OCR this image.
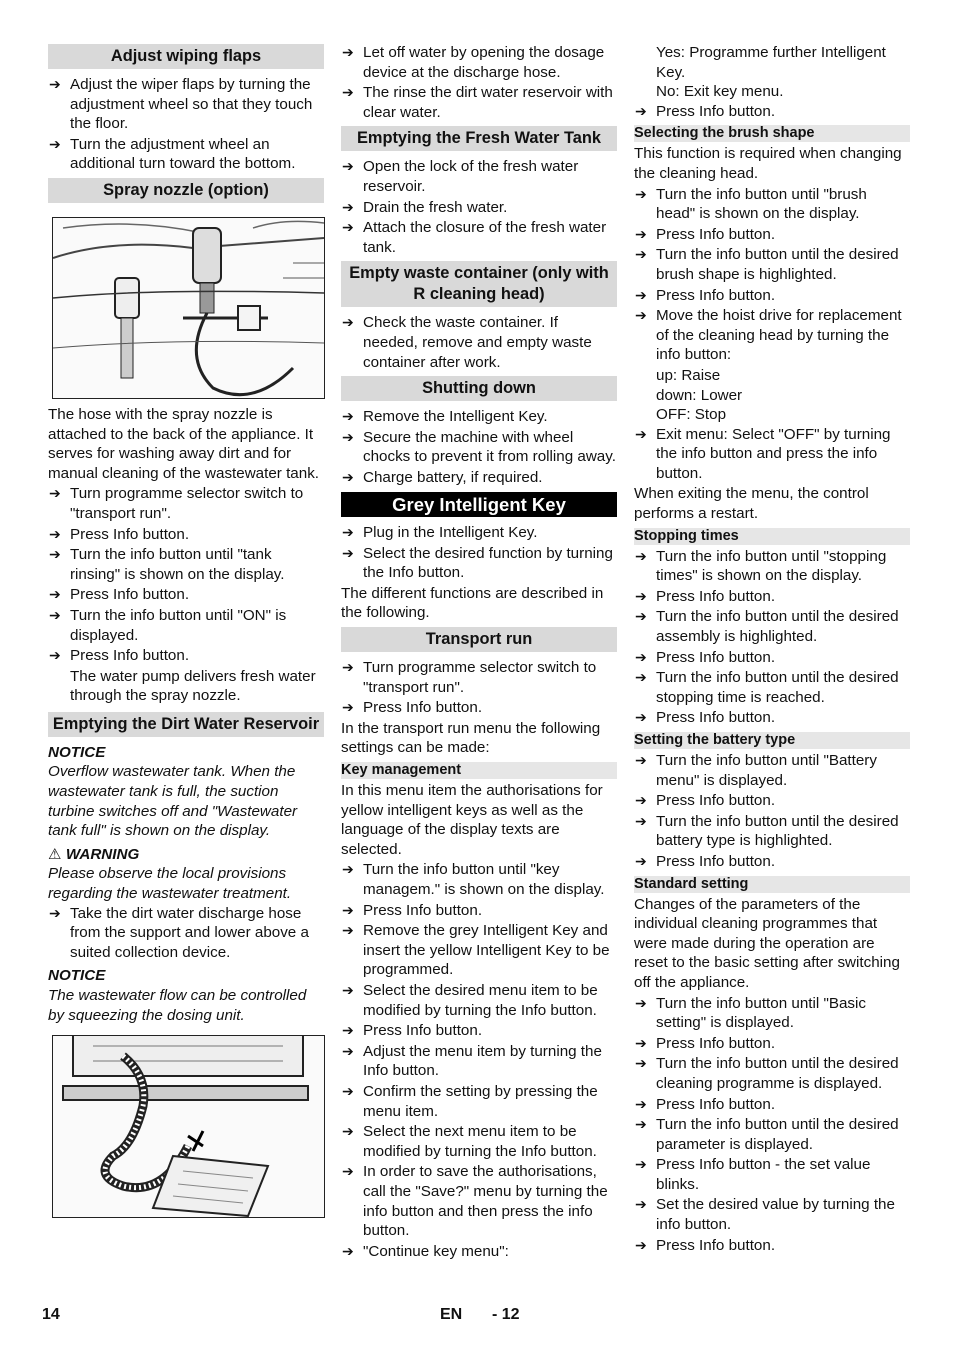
Adjust wiping flaps
➔ Adjust the wiper flaps by turning the adjustment wheel so that they touch the floor.
➔ Turn the adjustment wheel an additional turn toward the bottom.
Spray nozzle (option)
The hose with the spray nozzle is attached to the back of the appliance. It serves for washing away dirt and for manual cleaning of the wastewater tank.
➔ Turn programme selector switch to "transport run".
➔ Press Info button.
➔ Turn the info button until "tank rinsing" is shown on the display.
➔ Press Info button.
➔ Turn the info button until "ON" is displayed.
➔ Press Info button.
The water pump delivers fresh water through the spray nozzle.
Emptying the Dirt Water Reservoir
NOTICE
Overflow wastewater tank. When the wastewater tank is full, the suction turbine switches off and "Wastewater tank full" is shown on the display.
⚠ WARNING
Please observe the local provisions regarding the wastewater treatment.
➔ Take the dirt water discharge hose from the support and lower above a suited collection device.
NOTICE
The wastewater flow can be controlled by squeezing the dosing unit.
➔ Let off water by opening the dosage device at the discharge hose.
➔ The rinse the dirt water reservoir with clear water.
Emptying the Fresh Water Tank
➔ Open the lock of the fresh water reservoir.
➔ Drain the fresh water.
➔ Attach the closure of the fresh water tank.
Empty waste container (only with R cleaning head)
➔ Check the waste container. If needed, remove and empty waste container after work.
Shutting down
➔ Remove the Intelligent Key.
➔ Secure the machine with wheel chocks to prevent it from rolling away.
➔ Charge battery, if required.
Grey Intelligent Key
➔ Plug in the Intelligent Key.
➔ Select the desired function by turning the Info button.
The different functions are described in the following.
Transport run
➔ Turn programme selector switch to "transport run".
➔ Press Info button.
In the transport run menu the following settings can be made:
Key management
In this menu item the authorisations for yellow intelligent keys as well as the language of the display texts are selected.
➔ Turn the info button until "key managem." is shown on the display.
➔ Press Info button.
➔ Remove the grey Intelligent Key and insert the yellow Intelligent Key to be programmed.
➔ Select the desired menu item to be modified by turning the Info button.
➔ Press Info button.
➔ Adjust the menu item by turning the Info button.
➔ Confirm the setting by pressing the menu item.
➔ Select the next menu item to be modified by turning the Info button.
➔ In order to save the authorisations, call the "Save?" menu by turning the info button and then press the info button.
➔ "Continue key menu":
Yes: Programme further Intelligent Key.
No: Exit key menu.
➔ Press Info button.
Selecting the brush shape
This function is required when changing the cleaning head.
➔ Turn the info button until "brush head" is shown on the display.
➔ Press Info button.
➔ Turn the info button until the desired brush shape is highlighted.
➔ Press Info button.
➔ Move the hoist drive for replacement of the cleaning head by turning the info button:
up: Raise
down: Lower
OFF: Stop
➔ Exit menu: Select "OFF" by turning the info button and press the info button.
When exiting the menu, the control performs a restart.
Stopping times
➔ Turn the info button until "stopping times" is shown on the display.
➔ Press Info button.
➔ Turn the info button until the desired assembly is highlighted.
➔ Press Info button.
➔ Turn the info button until the desired stopping time is reached.
➔ Press Info button.
Setting the battery type
➔ Turn the info button until "Battery menu" is displayed.
➔ Press Info button.
➔ Turn the info button until the desired battery type is highlighted.
➔ Press Info button.
Standard setting
Changes of the parameters of the individual cleaning programmes that were made during the operation are reset to the basic setting after switching off the appliance.
➔ Turn the info button until "Basic setting" is displayed.
➔ Press Info button.
➔ Turn the info button until the desired cleaning programme is displayed.
➔ Press Info button.
➔ Turn the info button until the desired parameter is displayed.
➔ Press Info button - the set value blinks.
➔ Set the desired value by turning the info button.
➔ Press Info button.
14	EN - 12
